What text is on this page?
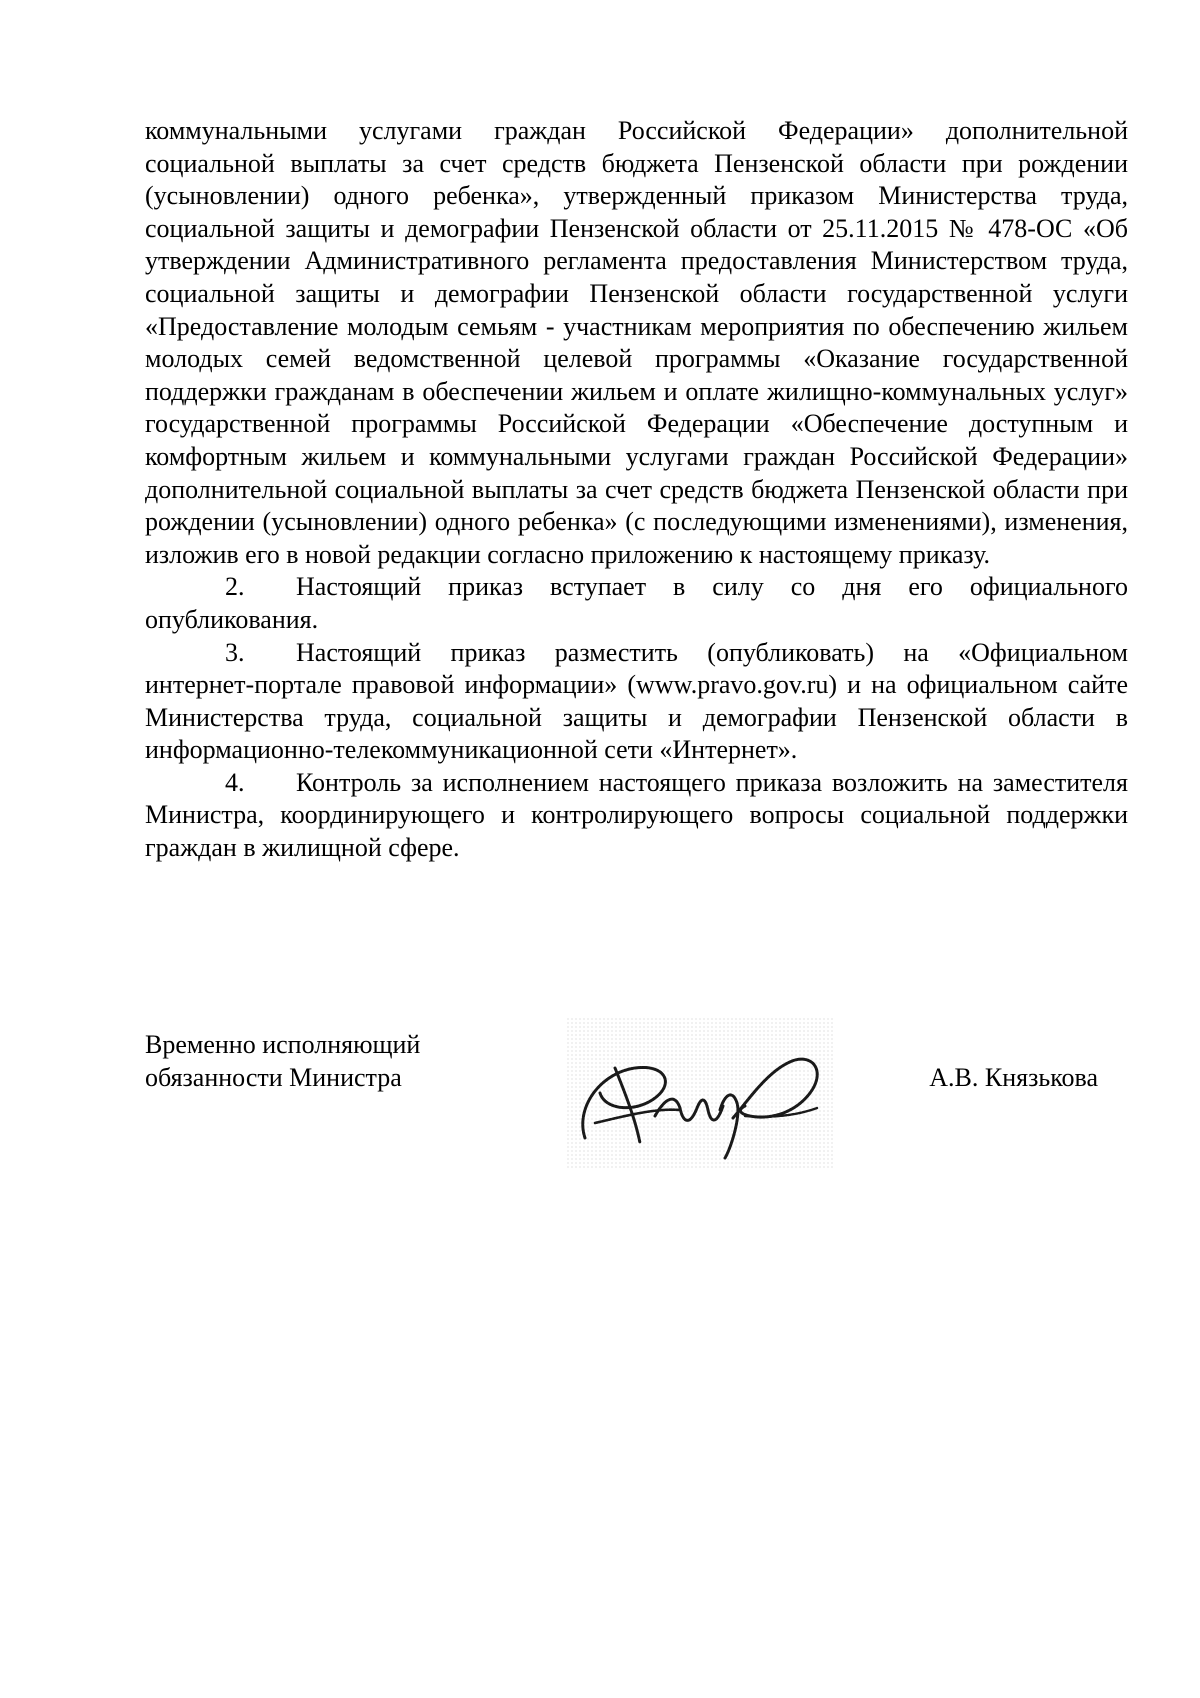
коммунальными услугами граждан Российской Федерации» дополнительной социальной выплаты за счет средств бюджета Пензенской области при рождении (усыновлении) одного ребенка», утвержденный приказом Министерства труда, социальной защиты и демографии Пензенской области от 25.11.2015 № 478-ОС «Об утверждении Административного регламента предоставления Министерством труда, социальной защиты и демографии Пензенской области государственной услуги «Предоставление молодым семьям - участникам мероприятия по обеспечению жильем молодых семей ведомственной целевой программы «Оказание государственной поддержки гражданам в обеспечении жильем и оплате жилищно-коммунальных услуг» государственной программы Российской Федерации «Обеспечение доступным и комфортным жильем и коммунальными услугами граждан Российской Федерации» дополнительной социальной выплаты за счет средств бюджета Пензенской области при рождении (усыновлении) одного ребенка» (с последующими изменениями), изменения, изложив его в новой редакции согласно приложению к настоящему приказу.

2. Настоящий приказ вступает в силу со дня его официального опубликования.

3. Настоящий приказ разместить (опубликовать) на «Официальном интернет-портале правовой информации» (www.pravo.gov.ru) и на официальном сайте Министерства труда, социальной защиты и демографии Пензенской области в информационно-телекоммуникационной сети «Интернет».

4. Контроль за исполнением настоящего приказа возложить на заместителя Министра, координирующего и контролирующего вопросы социальной поддержки граждан в жилищной сфере.

Временно исполняющий
обязанности Министра	А.В. Князькова
